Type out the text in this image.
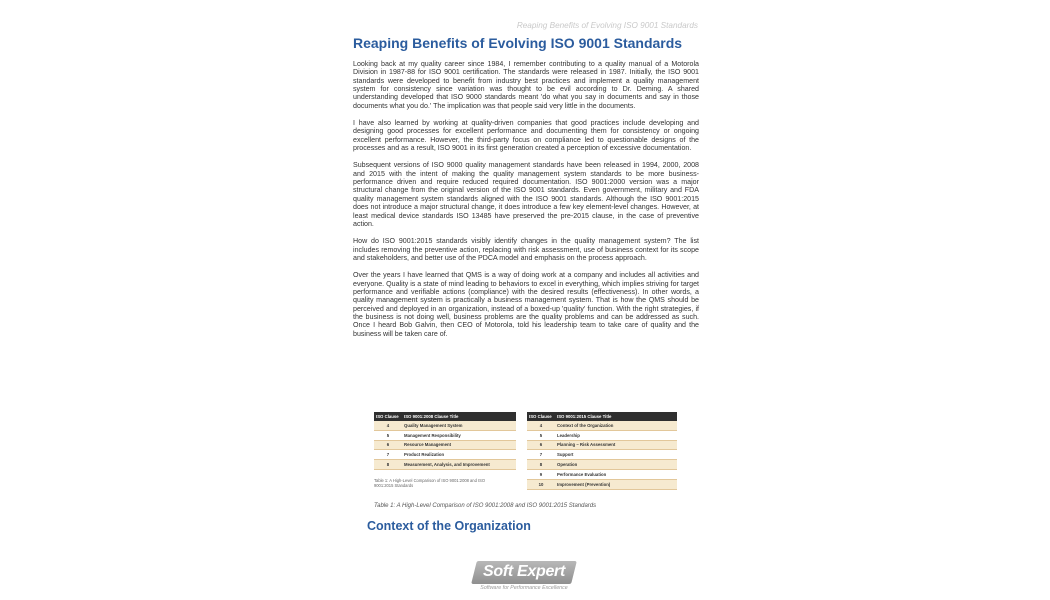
Reaping Benefits of Evolving ISO 9001 Standards
Reaping Benefits of Evolving ISO 9001 Standards

Looking back at my quality career since 1984, I remember contributing to a quality manual of a Motorola Division in 1987-88 for ISO 9001 certification. The standards were released in 1987. Initially, the ISO 9001 standards were developed to benefit from industry best practices and implement a quality management system for consistency since variation was thought to be evil according to Dr. Deming. A shared understanding developed that ISO 9000 standards meant 'do what you say in documents and say in those documents what you do.' The implication was that people said very little in the documents.

I have also learned by working at quality-driven companies that good practices include developing and designing good processes for excellent performance and documenting them for consistency or ongoing excellent performance. However, the third-party focus on compliance led to questionable designs of the processes and as a result, ISO 9001 in its first generation created a perception of excessive documentation.

Subsequent versions of ISO 9000 quality management standards have been released in 1994, 2000, 2008 and 2015 with the intent of making the quality management system standards to be more business-performance driven and require reduced required documentation. ISO 9001:2000 version was a major structural change from the original version of the ISO 9001 standards. Even government, military and FDA quality management system standards aligned with the ISO 9001 standards. Although the ISO 9001:2015 does not introduce a major structural change, it does introduce a few key element-level changes. However, at least medical device standards ISO 13485 have preserved the pre-2015 clause, in the case of preventive action.

How do ISO 9001:2015 standards visibly identify changes in the quality management system? The list includes removing the preventive action, replacing with risk assessment, use of business context for its scope and stakeholders, and better use of the PDCA model and emphasis on the process approach.

Over the years I have learned that QMS is a way of doing work at a company and includes all activities and everyone. Quality is a state of mind leading to behaviors to excel in everything, which implies striving for target performance and verifiable actions (compliance) with the desired results (effectiveness). In other words, a quality management system is practically a business management system. That is how the QMS should be perceived and deployed in an organization, instead of a boxed-up 'quality' function. With the right strategies, if the business is not doing well, business problems are the quality problems and can be addressed as such. Once I heard Bob Galvin, then CEO of Motorola, told his leadership team to take care of quality and the business will be taken care of.

ISO Clause	ISO 9001:2008 Clause Title
4	Quality Management System
5	Management Responsibility
6	Resource Management
7	Product Realization
8	Measurement, Analysis, and Improvement
Table 1: A High-Level Comparison of ISO 9001:2008 and ISO 9001:2015 Standards
ISO Clause	ISO 9001:2015 Clause Title
4	Context of the Organization
5	Leadership
6	Planning – Risk Assessment
7	Support
8	Operation
9	Performance Evaluation
10	Improvement (Prevention)
Table 1: A High-Level Comparison of ISO 9001:2008 and ISO 9001:2015 Standards
Context of the Organization
Soft Expert
Software for Performance Excellence
